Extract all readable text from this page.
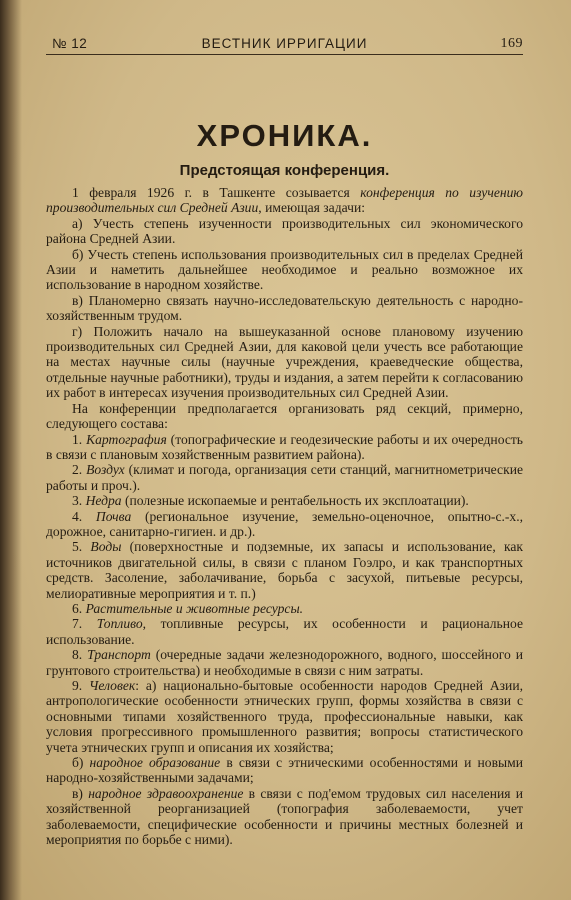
№ 12	ВЕСТНИК ИРРИГАЦИИ	169
ХРОНИКА.
Предстоящая конференция.

1 февраля 1926 г. в Ташкенте созывается конференция по изучению производительных сил Средней Азии, имеющая задачи:

а) Учесть степень изученности производительных сил экономического района Средней Азии.

б) Учесть степень использования производительных сил в пределах Средней Азии и наметить дальнейшее необходимое и реально возможное их использование в народном хозяйстве.

в) Планомерно связать научно-исследовательскую деятельность с народно-хозяйственным трудом.

г) Положить начало на вышеуказанной основе плановому изучению производительных сил Средней Азии, для каковой цели учесть все работающие на местах научные силы (научные учреждения, краеведческие общества, отдельные научные работники), труды и издания, а затем перейти к согласованию их работ в интересах изучения производительных сил Средней Азии.

На конференции предполагается организовать ряд секций, примерно, следующего состава:

1. Картография (топографические и геодезические работы и их очередность в связи с плановым хозяйственным развитием района).

2. Воздух (климат и погода, организация сети станций, магнитнометрические работы и проч.).

3. Недра (полезные ископаемые и рентабельность их эксплоатации).

4. Почва (региональное изучение, земельно-оценочное, опытно-с.-х., дорожное, санитарно-гигиен. и др.).

5. Воды (поверхностные и подземные, их запасы и использование, как источников двигательной силы, в связи с планом Гоэлро, и как транспортных средств. Засоление, заболачивание, борьба с засухой, питьевые ресурсы, мелиоративные мероприятия и т. п.)

6. Растительные и животные ресурсы.

7. Топливо, топливные ресурсы, их особенности и рациональное использование.

8. Транспорт (очередные задачи железнодорожного, водного, шоссейного и грунтового строительства) и необходимые в связи с ним затраты.

9. Человек: а) национально-бытовые особенности народов Средней Азии, антропологические особенности этнических групп, формы хозяйства в связи с основными типами хозяйственного труда, профессиональные навыки, как условия прогрессивного промышленного развития; вопросы статистического учета этнических групп и описания их хозяйства;

б) народное образование в связи с этническими особенностями и новыми народно-хозяйственными задачами;

в) народное здравоохранение в связи с под'емом трудовых сил населения и хозяйственной реорганизацией (топография заболеваемости, учет заболеваемости, специфические особенности и причины местных болезней и мероприятия по борьбе с ними).
